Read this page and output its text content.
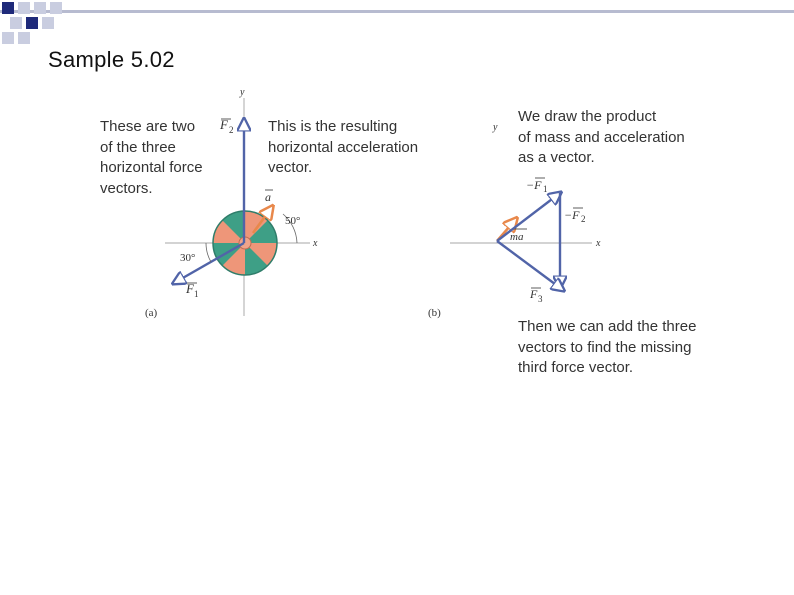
Sample 5.02
These are two
of the three
horizontal force
vectors.
This is the resulting
horizontal acceleration
vector.
We draw the product
of mass and acceleration
as a vector.
Then we can add the three
vectors to find the missing
third force vector.
x
y
F 2
F 1
30°
a
50°
(a)
x
y
ma
−F 1
−F 2
F 3
(b)
